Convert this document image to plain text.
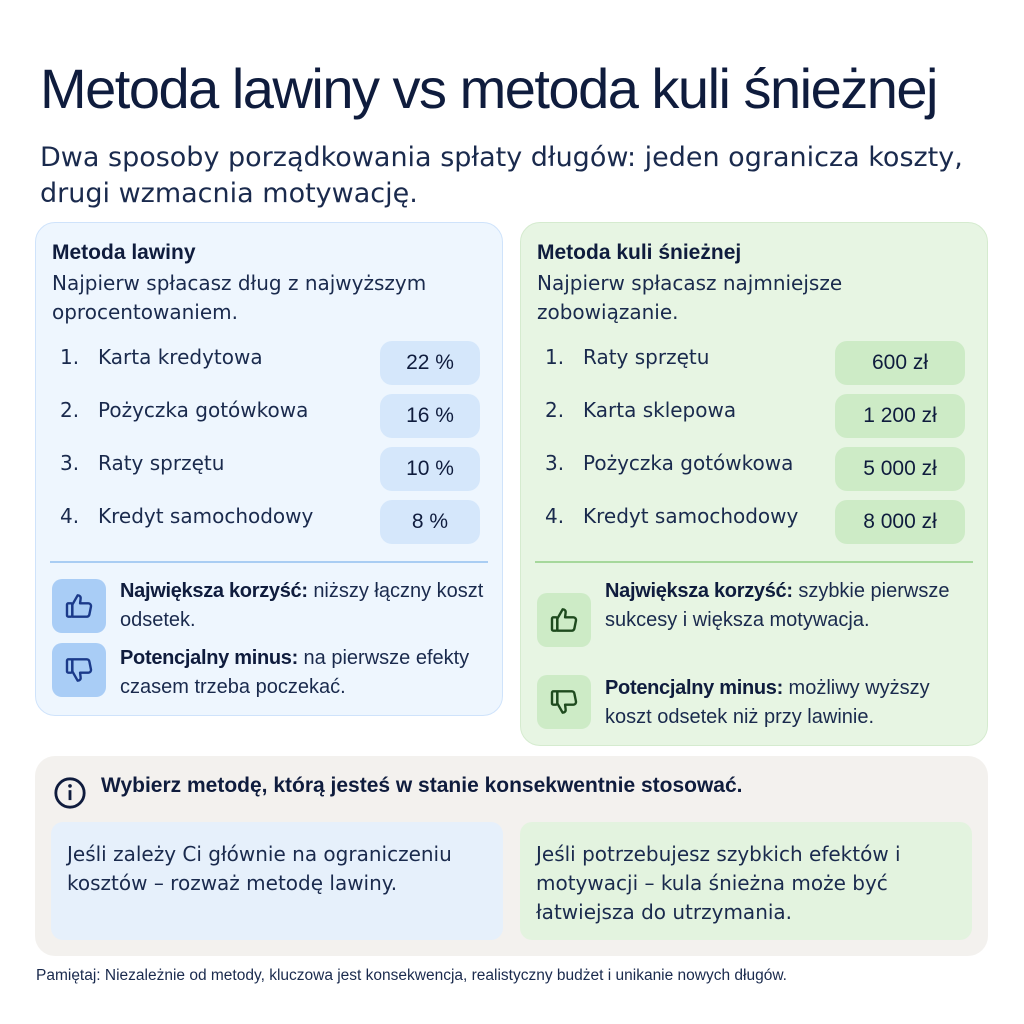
Metoda lawiny vs metoda kuli śnieżnej
Dwa sposoby porządkowania spłaty długów: jeden ogranicza koszty, drugi wzmacnia motywację.
Metoda lawiny
Najpierw spłacasz dług z najwyższym oprocentowaniem.
1. Karta kredytowa	22 %
2. Pożyczka gotówkowa	16 %
3. Raty sprzętu	10 %
4. Kredyt samochodowy	8 %
Największa korzyść: niższy łączny koszt odsetek.
Potencjalny minus: na pierwsze efekty czasem trzeba poczekać.
Metoda kuli śnieżnej
Najpierw spłacasz najmniejsze zobowiązanie.
1. Raty sprzętu	600 zł
2. Karta sklepowa	1 200 zł
3. Pożyczka gotówkowa	5 000 zł
4. Kredyt samochodowy	8 000 zł
Największa korzyść: szybkie pierwsze sukcesy i większa motywacja.
Potencjalny minus: możliwy wyższy koszt odsetek niż przy lawinie.
Wybierz metodę, którą jesteś w stanie konsekwentnie stosować.
Jeśli zależy Ci głównie na ograniczeniu kosztów – rozważ metodę lawiny.
Jeśli potrzebujesz szybkich efektów i motywacji – kula śnieżna może być łatwiejsza do utrzymania.
Pamiętaj: Niezależnie od metody, kluczowa jest konsekwencja, realistyczny budżet i unikanie nowych długów.
